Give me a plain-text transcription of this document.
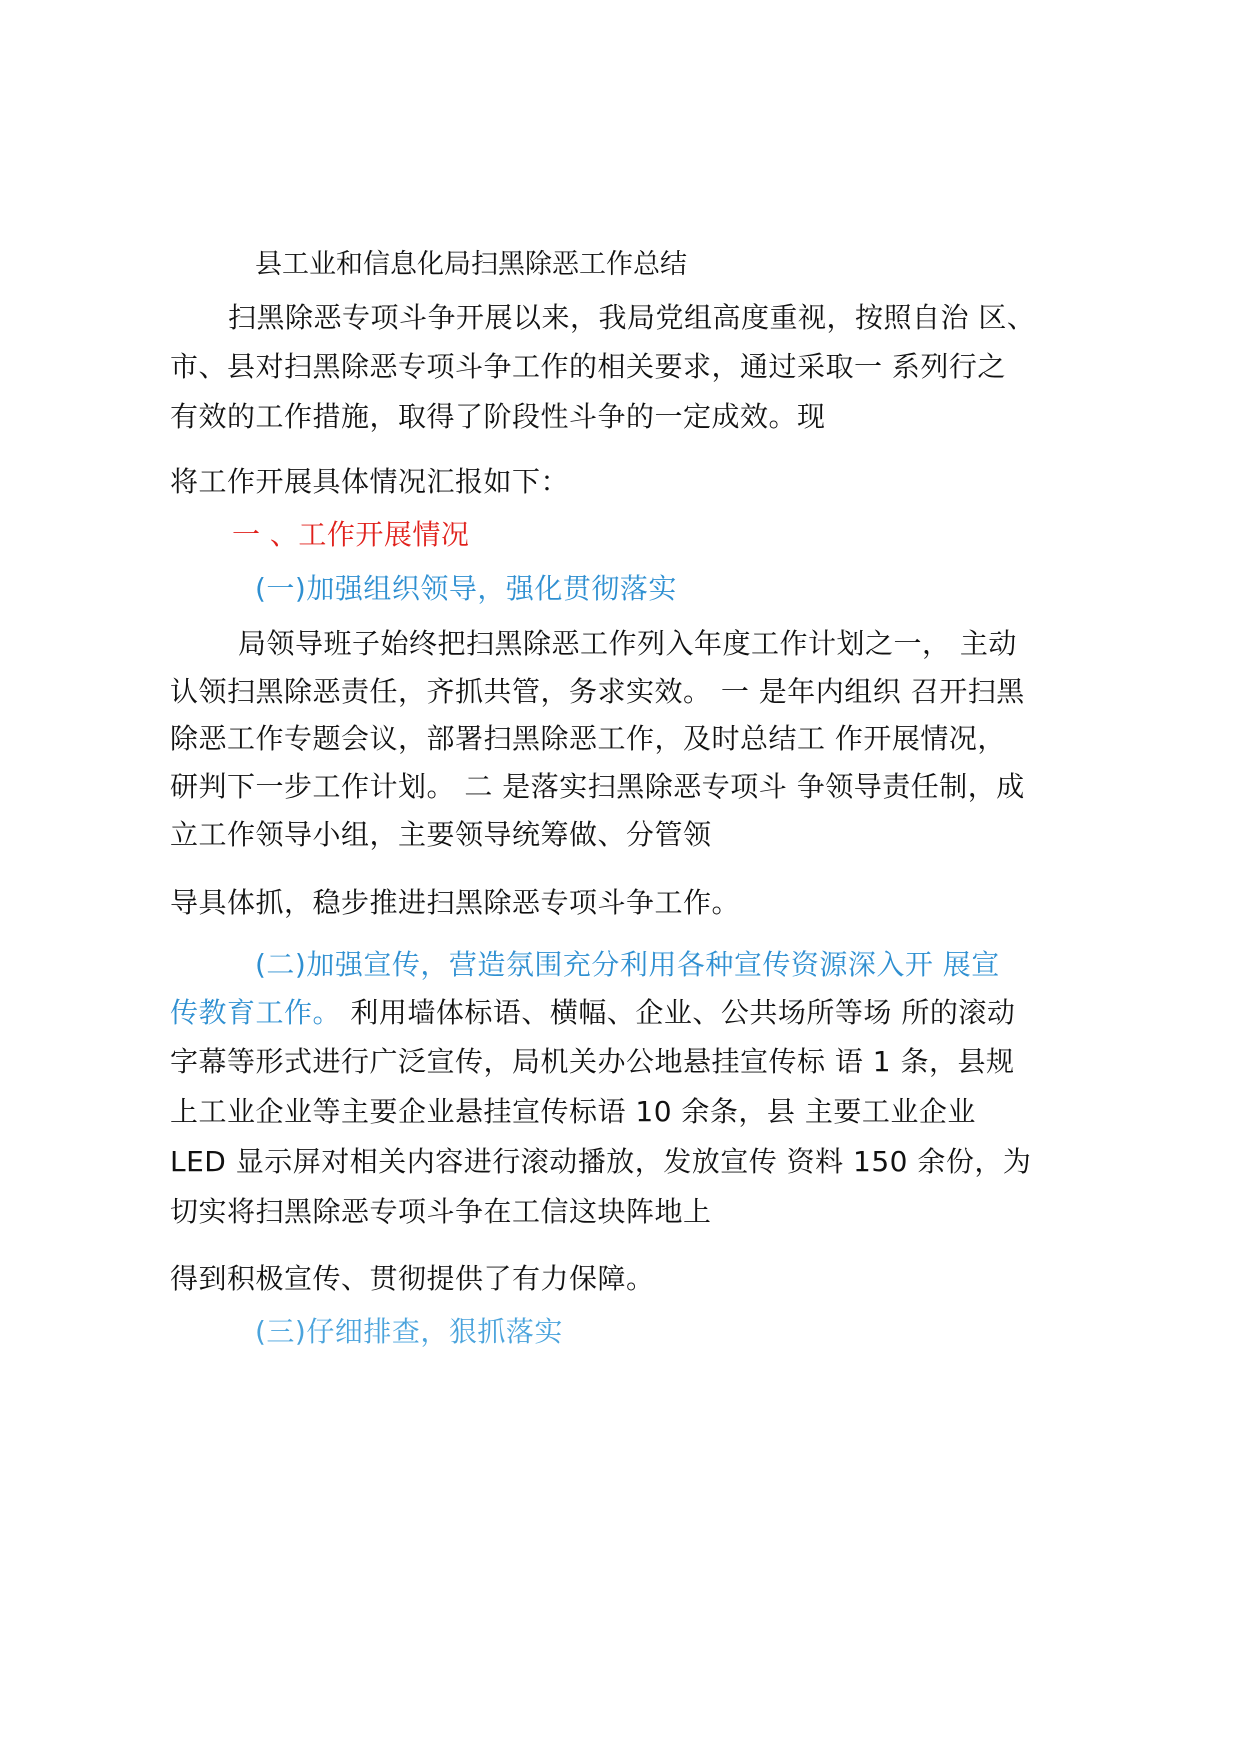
县工业和信息化局扫黑除恶工作总结
扫黑除恶专项斗争开展以来，我局党组高度重视，按照自治 区、
市、县对扫黑除恶专项斗争工作的相关要求，通过采取一 系列行之
有效的工作措施，取得了阶段性斗争的一定成效。现
将工作开展具体情况汇报如下：
一 、工作开展情况
(一)加强组织领导，强化贯彻落实
局领导班子始终把扫黑除恶工作列入年度工作计划之一， 主动
认领扫黑除恶责任，齐抓共管，务求实效。 一 是年内组织 召开扫黑
除恶工作专题会议，部署扫黑除恶工作，及时总结工 作开展情况，
研判下一步工作计划。 二 是落实扫黑除恶专项斗 争领导责任制，成
立工作领导小组，主要领导统筹做、分管领
导具体抓，稳步推进扫黑除恶专项斗争工作。
(二)加强宣传，营造氛围充分利用各种宣传资源深入开 展宣
传教育工作。 利用墙体标语、横幅、企业、公共场所等场 所的滚动
字幕等形式进行广泛宣传，局机关办公地悬挂宣传标 语 1 条，县规
上工业企业等主要企业悬挂宣传标语 10 余条，县 主要工业企业
LED 显示屏对相关内容进行滚动播放，发放宣传 资料 150 余份，为
切实将扫黑除恶专项斗争在工信这块阵地上
得到积极宣传、贯彻提供了有力保障。
(三)仔细排查，狠抓落实
